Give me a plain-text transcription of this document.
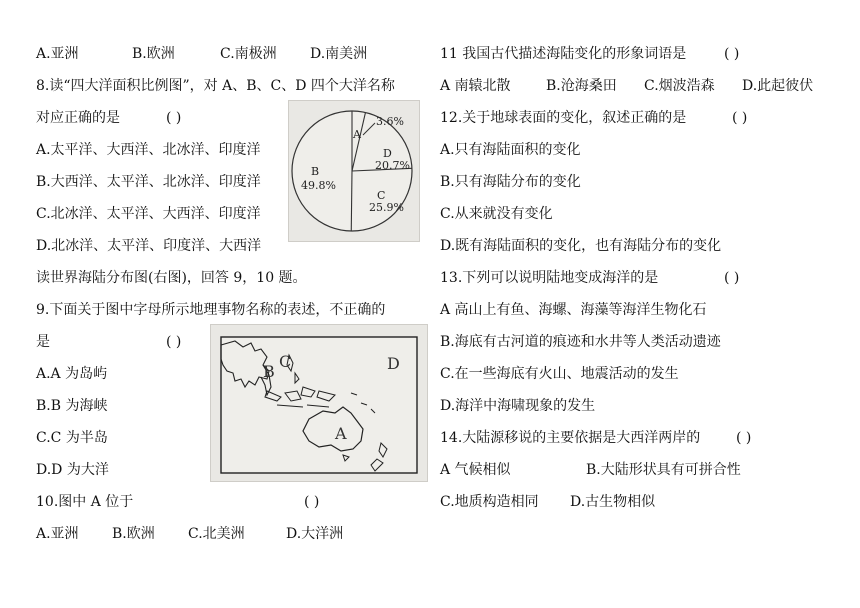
A.亚洲	B.欧洲	C.南极洲 D.南美洲
8.读“四大洋面积比例图”，对 A、B、C、D 四个大洋名称
对应正确的是	( )
A.太平洋、大西洋、北冰洋、印度洋
B.大西洋、太平洋、北冰洋、印度洋
C.北冰洋、太平洋、大西洋、印度洋
D.北冰洋、太平洋、印度洋、大西洋
读世界海陆分布图(右图)，回答 9，10 题。
9.下面关于图中字母所示地理事物名称的表述，不正确的
是	( )
A.A 为岛屿
B.B 为海峡
C.C 为半岛
D.D 为大洋
10.图中 A 位于	( )
A.亚洲 B.欧洲 C.北美洲	D.大洋洲
A
3.6%
D
20.7%
C
25.9%
B
49.8%
B
C	D
A
11 我国古代描述海陆变化的形象词语是	( )
A 南辕北散	B.沧海桑田 C.烟波浩森 D.此起彼伏
12.关于地球表面的变化，叙述正确的是	( )
A.只有海陆面积的变化
B.只有海陆分布的变化
C.从来就没有变化
D.既有海陆面积的变化，也有海陆分布的变化
13.下列可以说明陆地变成海洋的是	( )
A 高山上有鱼、海螺、海藻等海洋生物化石
B.海底有古河道的痕迹和水井等人类活动遗迹
C.在一些海底有火山、地震活动的发生
D.海洋中海啸现象的发生
14.大陆源移说的主要依据是大西洋两岸的	( )
A 气候相似	B.大陆形状具有可拼合性
C.地质构造相同 D.古生物相似
